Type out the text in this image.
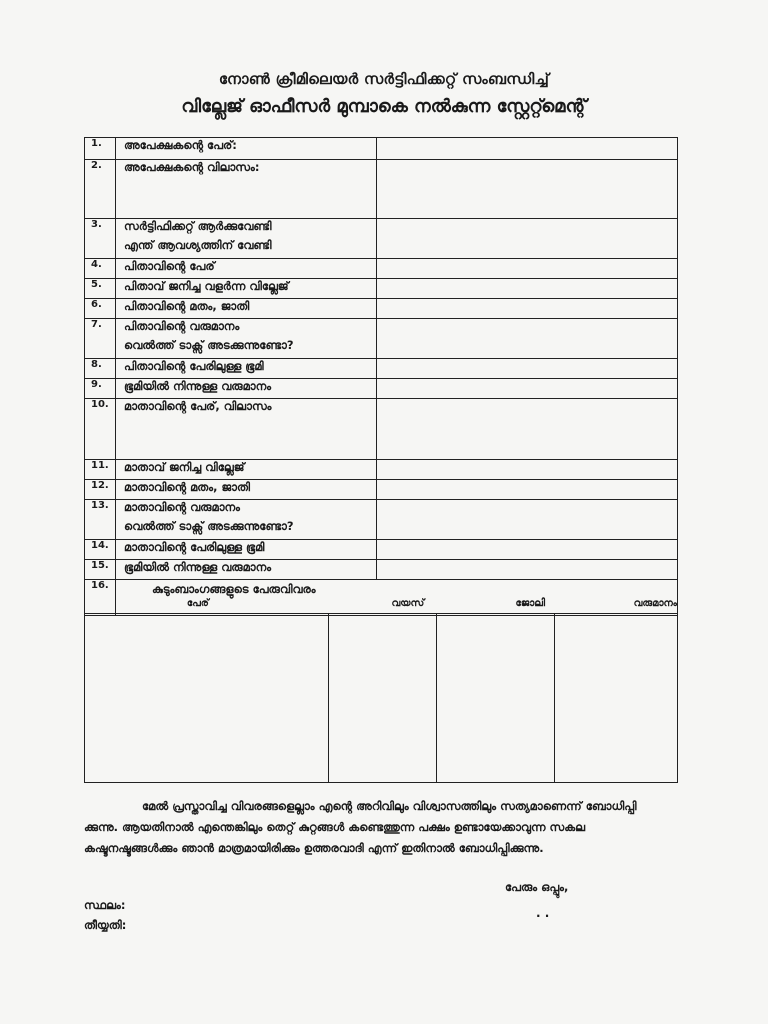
നോൺ ക്രീമിലെയർ സർട്ടിഫിക്കറ്റ് സംബന്ധിച്ച്
വില്ലേജ് ഓഫീസർ മുമ്പാകെ നൽകുന്ന സ്റ്റേറ്റ്മെന്റ്
1.	അപേക്ഷകന്റെ പേര്:	
2.	അപേക്ഷകന്റെ വിലാസം:	
3.	സർട്ടിഫിക്കറ്റ് ആർക്കുവേണ്ടി
എന്ത് ആവശ്യത്തിന് വേണ്ടി	

4.	പിതാവിന്റെ പേര്	
5.	പിതാവ് ജനിച്ച വളർന്ന വില്ലേജ്	
6.	പിതാവിന്റെ മതം, ജാതി	
7.	പിതാവിന്റെ വരുമാനം
വെൽത്ത് ടാക്സ് അടക്കുന്നുണ്ടോ?	

8.	പിതാവിന്റെ പേരിലുള്ള ഭൂമി	
9.	ഭൂമിയിൽ നിന്നുള്ള വരുമാനം	
10.	മാതാവിന്റെ പേര്, വിലാസം	
11.	മാതാവ് ജനിച്ച വില്ലേജ്	
12.	മാതാവിന്റെ മതം, ജാതി	
13.	മാതാവിന്റെ വരുമാനം
വെൽത്ത് ടാക്സ് അടക്കുന്നുണ്ടോ?	

14.	മാതാവിന്റെ പേരിലുള്ള ഭൂമി	
15.	ഭൂമിയിൽ നിന്നുള്ള വരുമാനം	
16.	കുടുംബാംഗങ്ങളുടെ പേരുവിവരം
പേര് വയസ് ജോലി വരുമാനം	

മേൽ പ്രസ്താവിച്ച വിവരങ്ങളെല്ലാം എന്റെ അറിവിലും വിശ്വാസത്തിലും സത്യമാണെന്ന് ബോധിപ്പി
ക്കുന്നു. ആയതിനാൽ എന്തെങ്കിലും തെറ്റ് കുറ്റങ്ങൾ കണ്ടെത്തുന്ന പക്ഷം ഉണ്ടായേക്കാവുന്ന സകല
കഷ്ടനഷ്ടങ്ങൾക്കും ഞാൻ മാത്രമായിരിക്കും ഉത്തരവാദി എന്ന് ഇതിനാൽ ബോധിപ്പിക്കുന്നു.
പേരും ഒപ്പും,
സ്ഥലം:
. .
തീയ്യതി:
